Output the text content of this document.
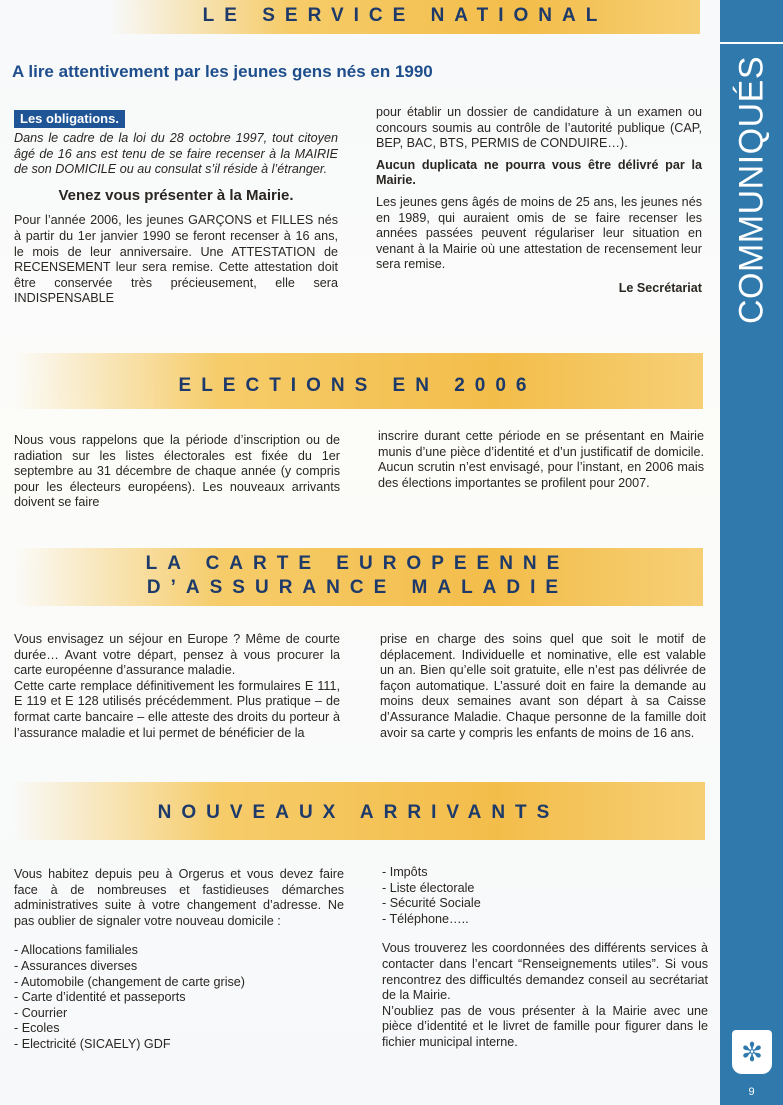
COMMUNIQUÉS
✼
9
LE SERVICE NATIONAL
A lire attentivement par les jeunes gens nés en 1990
Les obligations.

Dans le cadre de la loi du 28 octobre 1997, tout citoyen âgé de 16 ans est tenu de se faire recenser à la MAIRIE de son DOMICILE ou au consulat s’il réside à l’étranger.

Venez vous présenter à la Mairie.

Pour l’année 2006, les jeunes GARÇONS et FILLES nés à partir du 1er janvier 1990 se feront recenser à 16 ans, le mois de leur anniversaire. Une ATTESTATION de RECENSEMENT leur sera remise. Cette attestation doit être conservée très précieusement, elle sera INDISPENSABLE

pour établir un dossier de candidature à un examen ou concours soumis au contrôle de l’autorité publique (CAP, BEP, BAC, BTS, PERMIS de CONDUIRE…).

Aucun duplicata ne pourra vous être délivré par la Mairie.

Les jeunes gens âgés de moins de 25 ans, les jeunes nés en 1989, qui auraient omis de se faire recenser les années passées peuvent régulariser leur situation en venant à la Mairie où une attestation de recensement leur sera remise.

Le Secrétariat

ELECTIONS EN 2006

Nous vous rappelons que la période d’inscription ou de radiation sur les listes électorales est fixée du 1er septembre au 31 décembre de chaque année (y compris pour les électeurs européens). Les nouveaux arrivants doivent se faire

inscrire durant cette période en se présentant en Mairie munis d’une pièce d’identité et d’un justificatif de domicile. Aucun scrutin n’est envisagé, pour l’instant, en 2006 mais des élections importantes se profilent pour 2007.

LA CARTE EUROPEENNE
D’ASSURANCE MALADIE

Vous envisagez un séjour en Europe ? Même de courte durée… Avant votre départ, pensez à vous procurer la carte européenne d’assurance maladie.

Cette carte remplace définitivement les formulaires E 111, E 119 et E 128 utilisés précédemment. Plus pratique – de format carte bancaire – elle atteste des droits du porteur à l’assurance maladie et lui permet de bénéficier de la

prise en charge des soins quel que soit le motif de déplacement. Individuelle et nominative, elle est valable un an. Bien qu’elle soit gratuite, elle n’est pas délivrée de façon automatique. L’assuré doit en faire la demande au moins deux semaines avant son départ à sa Caisse d’Assurance Maladie. Chaque personne de la famille doit avoir sa carte y compris les enfants de moins de 16 ans.

NOUVEAUX ARRIVANTS

Vous habitez depuis peu à Orgerus et vous devez faire face à de nombreuses et fastidieuses démarches administratives suite à votre changement d’adresse. Ne pas oublier de signaler votre nouveau domicile :

- Allocations familiales
- Assurances diverses
- Automobile (changement de carte grise)
- Carte d’identité et passeports
- Courrier
- Ecoles
- Electricité (SICAELY) GDF
- Impôts
- Liste électorale
- Sécurité Sociale
- Téléphone…..

Vous trouverez les coordonnées des différents services à contacter dans l’encart “Renseignements utiles”. Si vous rencontrez des difficultés demandez conseil au secrétariat de la Mairie.

N’oubliez pas de vous présenter à la Mairie avec une pièce d’identité et le livret de famille pour figurer dans le fichier municipal interne.
